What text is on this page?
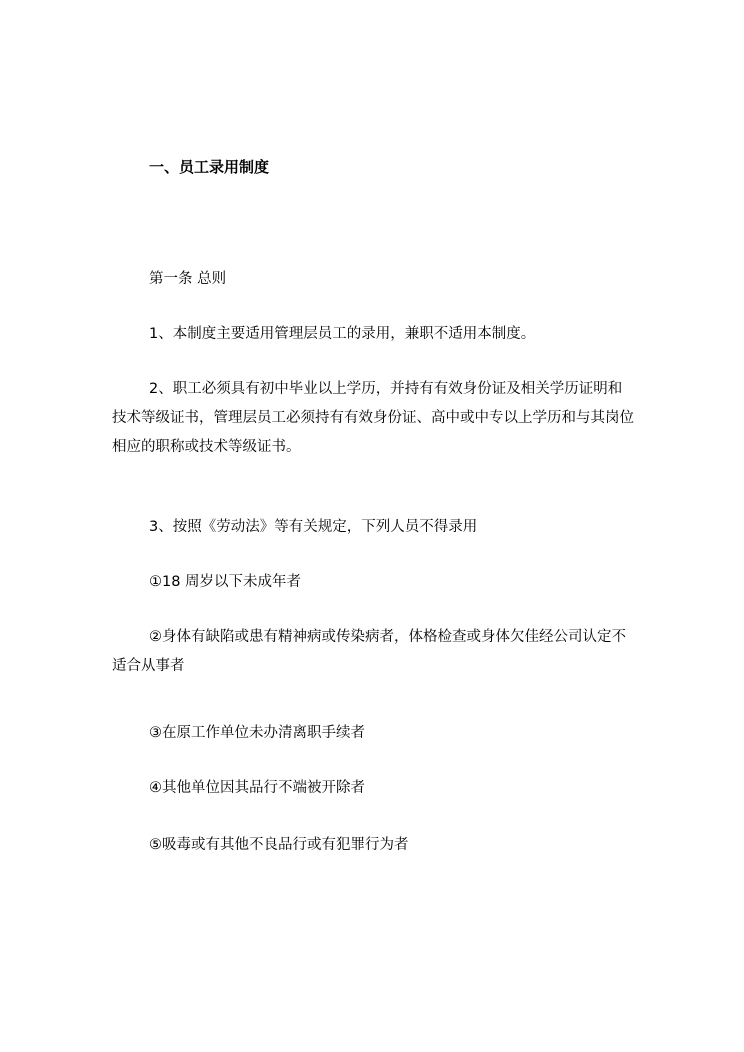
一、员工录用制度
第一条 总则
1、本制度主要适用管理层员工的录用，兼职不适用本制度。
2、职工必须具有初中毕业以上学历，并持有有效身份证及相关学历证明和技术等级证书，管理层员工必须持有有效身份证、高中或中专以上学历和与其岗位相应的职称或技术等级证书。
3、按照《劳动法》等有关规定，下列人员不得录用
①18 周岁以下未成年者
②身体有缺陷或患有精神病或传染病者，体格检查或身体欠佳经公司认定不适合从事者
③在原工作单位未办清离职手续者
④其他单位因其品行不端被开除者
⑤吸毒或有其他不良品行或有犯罪行为者
